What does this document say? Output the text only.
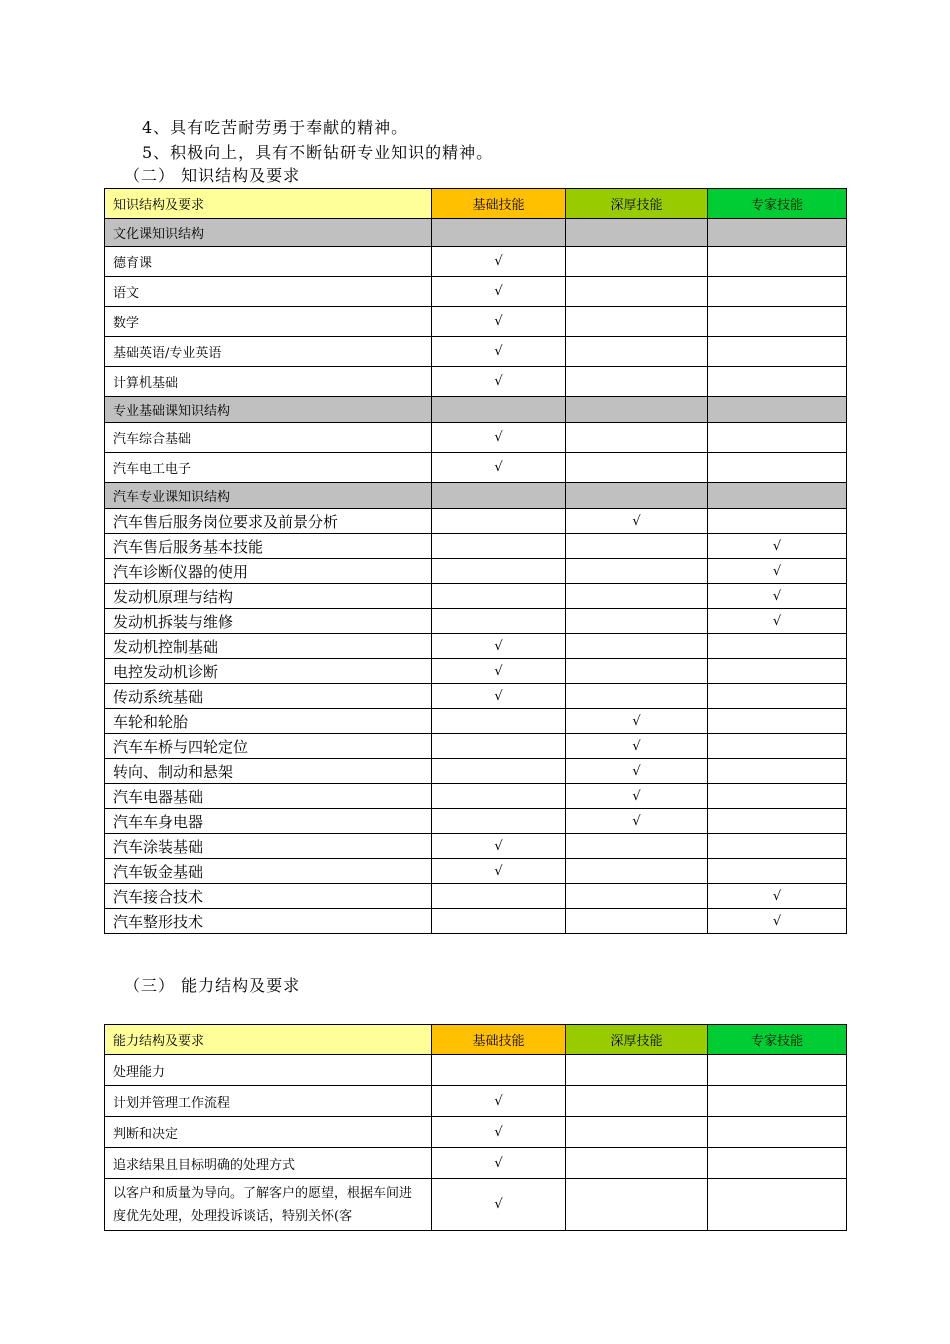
4、具有吃苦耐劳勇于奉献的精神。
5、积极向上，具有不断钻研专业知识的精神。
（二） 知识结构及要求
知识结构及要求	基础技能	深厚技能	专家技能
文化课知识结构			
德育课	√		
语文	√		
数学	√		
基础英语/专业英语	√		
计算机基础	√		
专业基础课知识结构			
汽车综合基础	√		
汽车电工电子	√		
汽车专业课知识结构			
汽车售后服务岗位要求及前景分析		√	
汽车售后服务基本技能			√
汽车诊断仪器的使用			√
发动机原理与结构			√
发动机拆装与维修			√
发动机控制基础	√		
电控发动机诊断	√		
传动系统基础	√		
车轮和轮胎		√	
汽车车桥与四轮定位		√	
转向、制动和悬架		√	
汽车电器基础		√	
汽车车身电器		√	
汽车涂装基础	√		
汽车钣金基础	√		
汽车接合技术			√
汽车整形技术			√
（三） 能力结构及要求
能力结构及要求	基础技能	深厚技能	专家技能
处理能力			
计划并管理工作流程	√		
判断和决定	√		
追求结果且目标明确的处理方式	√		
以客户和质量为导向。了解客户的愿望，根据车间进度优先处理，处理投诉谈话，特别关怀(客	√		
